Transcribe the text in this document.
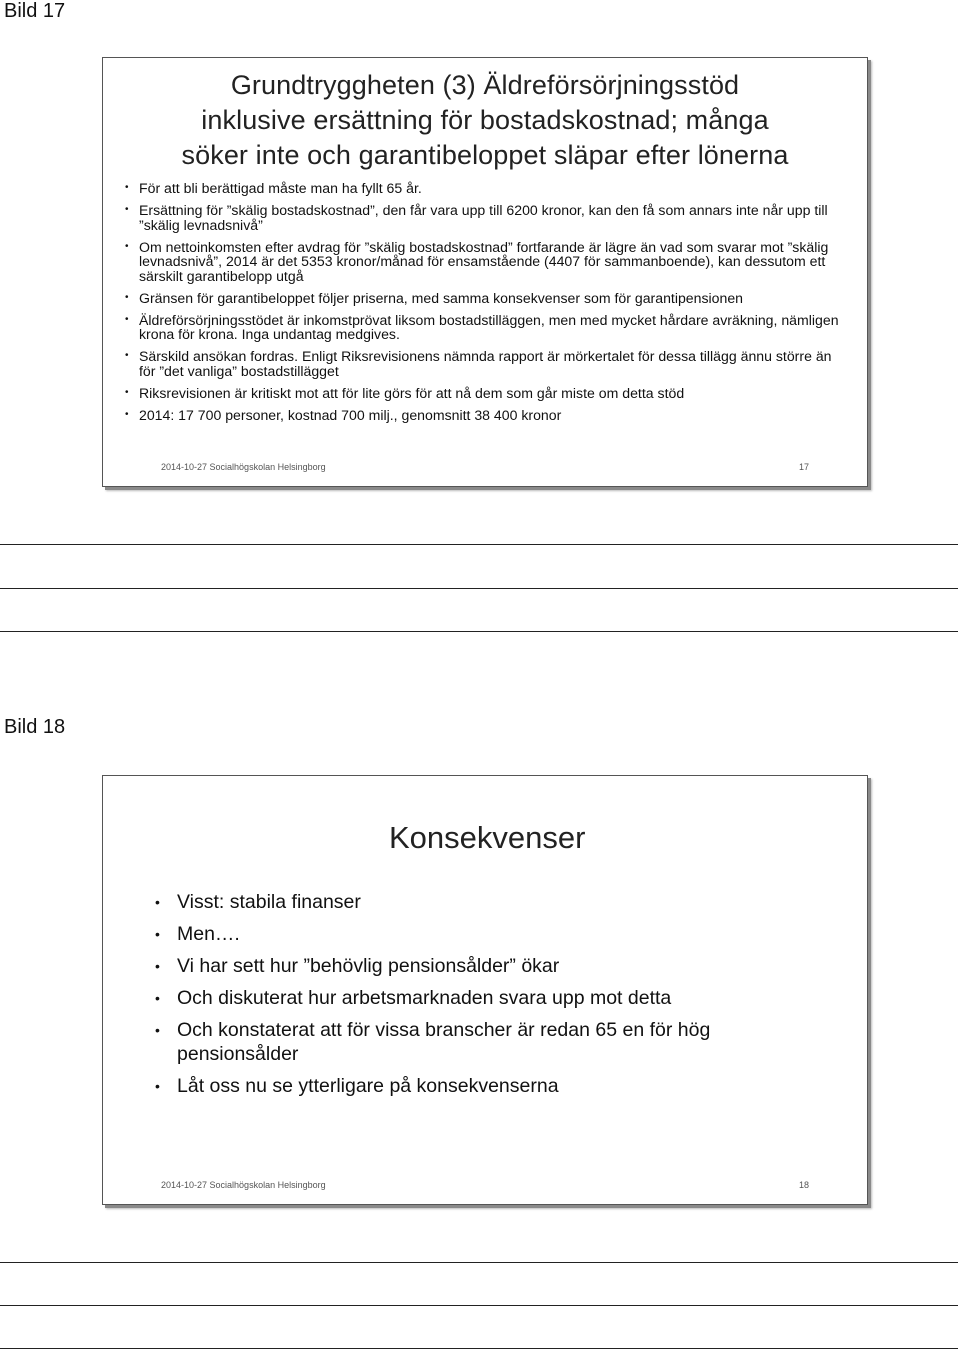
Bild 17
Grundtryggheten (3) Äldreförsörjningsstöd
inklusive ersättning för bostadskostnad; många
söker inte och garantibeloppet släpar efter lönerna
• För att bli berättigad måste man ha fyllt 65 år.
• Ersättning för ”skälig bostadskostnad”, den får vara upp till 6200 kronor, kan den få som annars inte når upp till ”skälig levnadsnivå”
• Om nettoinkomsten efter avdrag för ”skälig bostadskostnad” fortfarande är lägre än vad som svarar mot ”skälig levnadsnivå”, 2014 är det 5353 kronor/månad för ensamstående (4407 för sammanboende), kan dessutom ett särskilt garantibelopp utgå
• Gränsen för garantibeloppet följer priserna, med samma konsekvenser som för garantipensionen
• Äldreförsörjningsstödet är inkomstprövat liksom bostadstilläggen, men med mycket hårdare avräkning, nämligen krona för krona. Inga undantag medgives.
• Särskild ansökan fordras. Enligt Riksrevisionens nämnda rapport är mörkertalet för dessa tillägg ännu större än för ”det vanliga” bostadstillägget
• Riksrevisionen är kritiskt mot att för lite görs för att nå dem som går miste om detta stöd
• 2014: 17 700 personer, kostnad 700 milj., genomsnitt 38 400 kronor
2014-10-27 Socialhögskolan Helsingborg	17
Bild 18
Konsekvenser
• Visst: stabila finanser
• Men….
• Vi har sett hur ”behövlig pensionsålder” ökar
• Och diskuterat hur arbetsmarknaden svara upp mot detta
• Och konstaterat att för vissa branscher är redan 65 en för hög pensionsålder
• Låt oss nu se ytterligare på konsekvenserna
2014-10-27 Socialhögskolan Helsingborg	18
